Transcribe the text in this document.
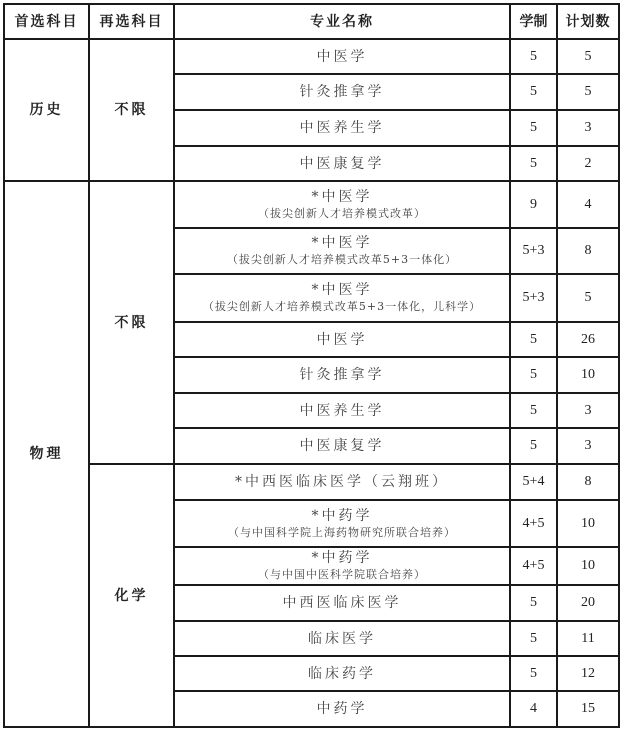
首选科目	再选科目	专业名称	学制	计划数
历史	不限	中医学	5	5

		针灸推拿学	5	5

		中医养生学	5	3

		中医康复学	5	2
物理	不限	*中医学
（拔尖创新人才培养模式改革）	9	4

		*中医学
（拔尖创新人才培养模式改革5+3一体化）	5+3	8

		*中医学
（拔尖创新人才培养模式改革5+3一体化，儿科学）	5+3	5

		中医学	5	26

		针灸推拿学	5	10

		中医养生学	5	3

		中医康复学	5	3
	化学	*中西医临床医学（云翔班）	5+4	8

		*中药学
（与中国科学院上海药物研究所联合培养）	4+5	10

		*中药学
（与中国中医科学院联合培养）	4+5	10

		中西医临床医学	5	20

		临床医学	5	11

		临床药学	5	12

		中药学	4	15
